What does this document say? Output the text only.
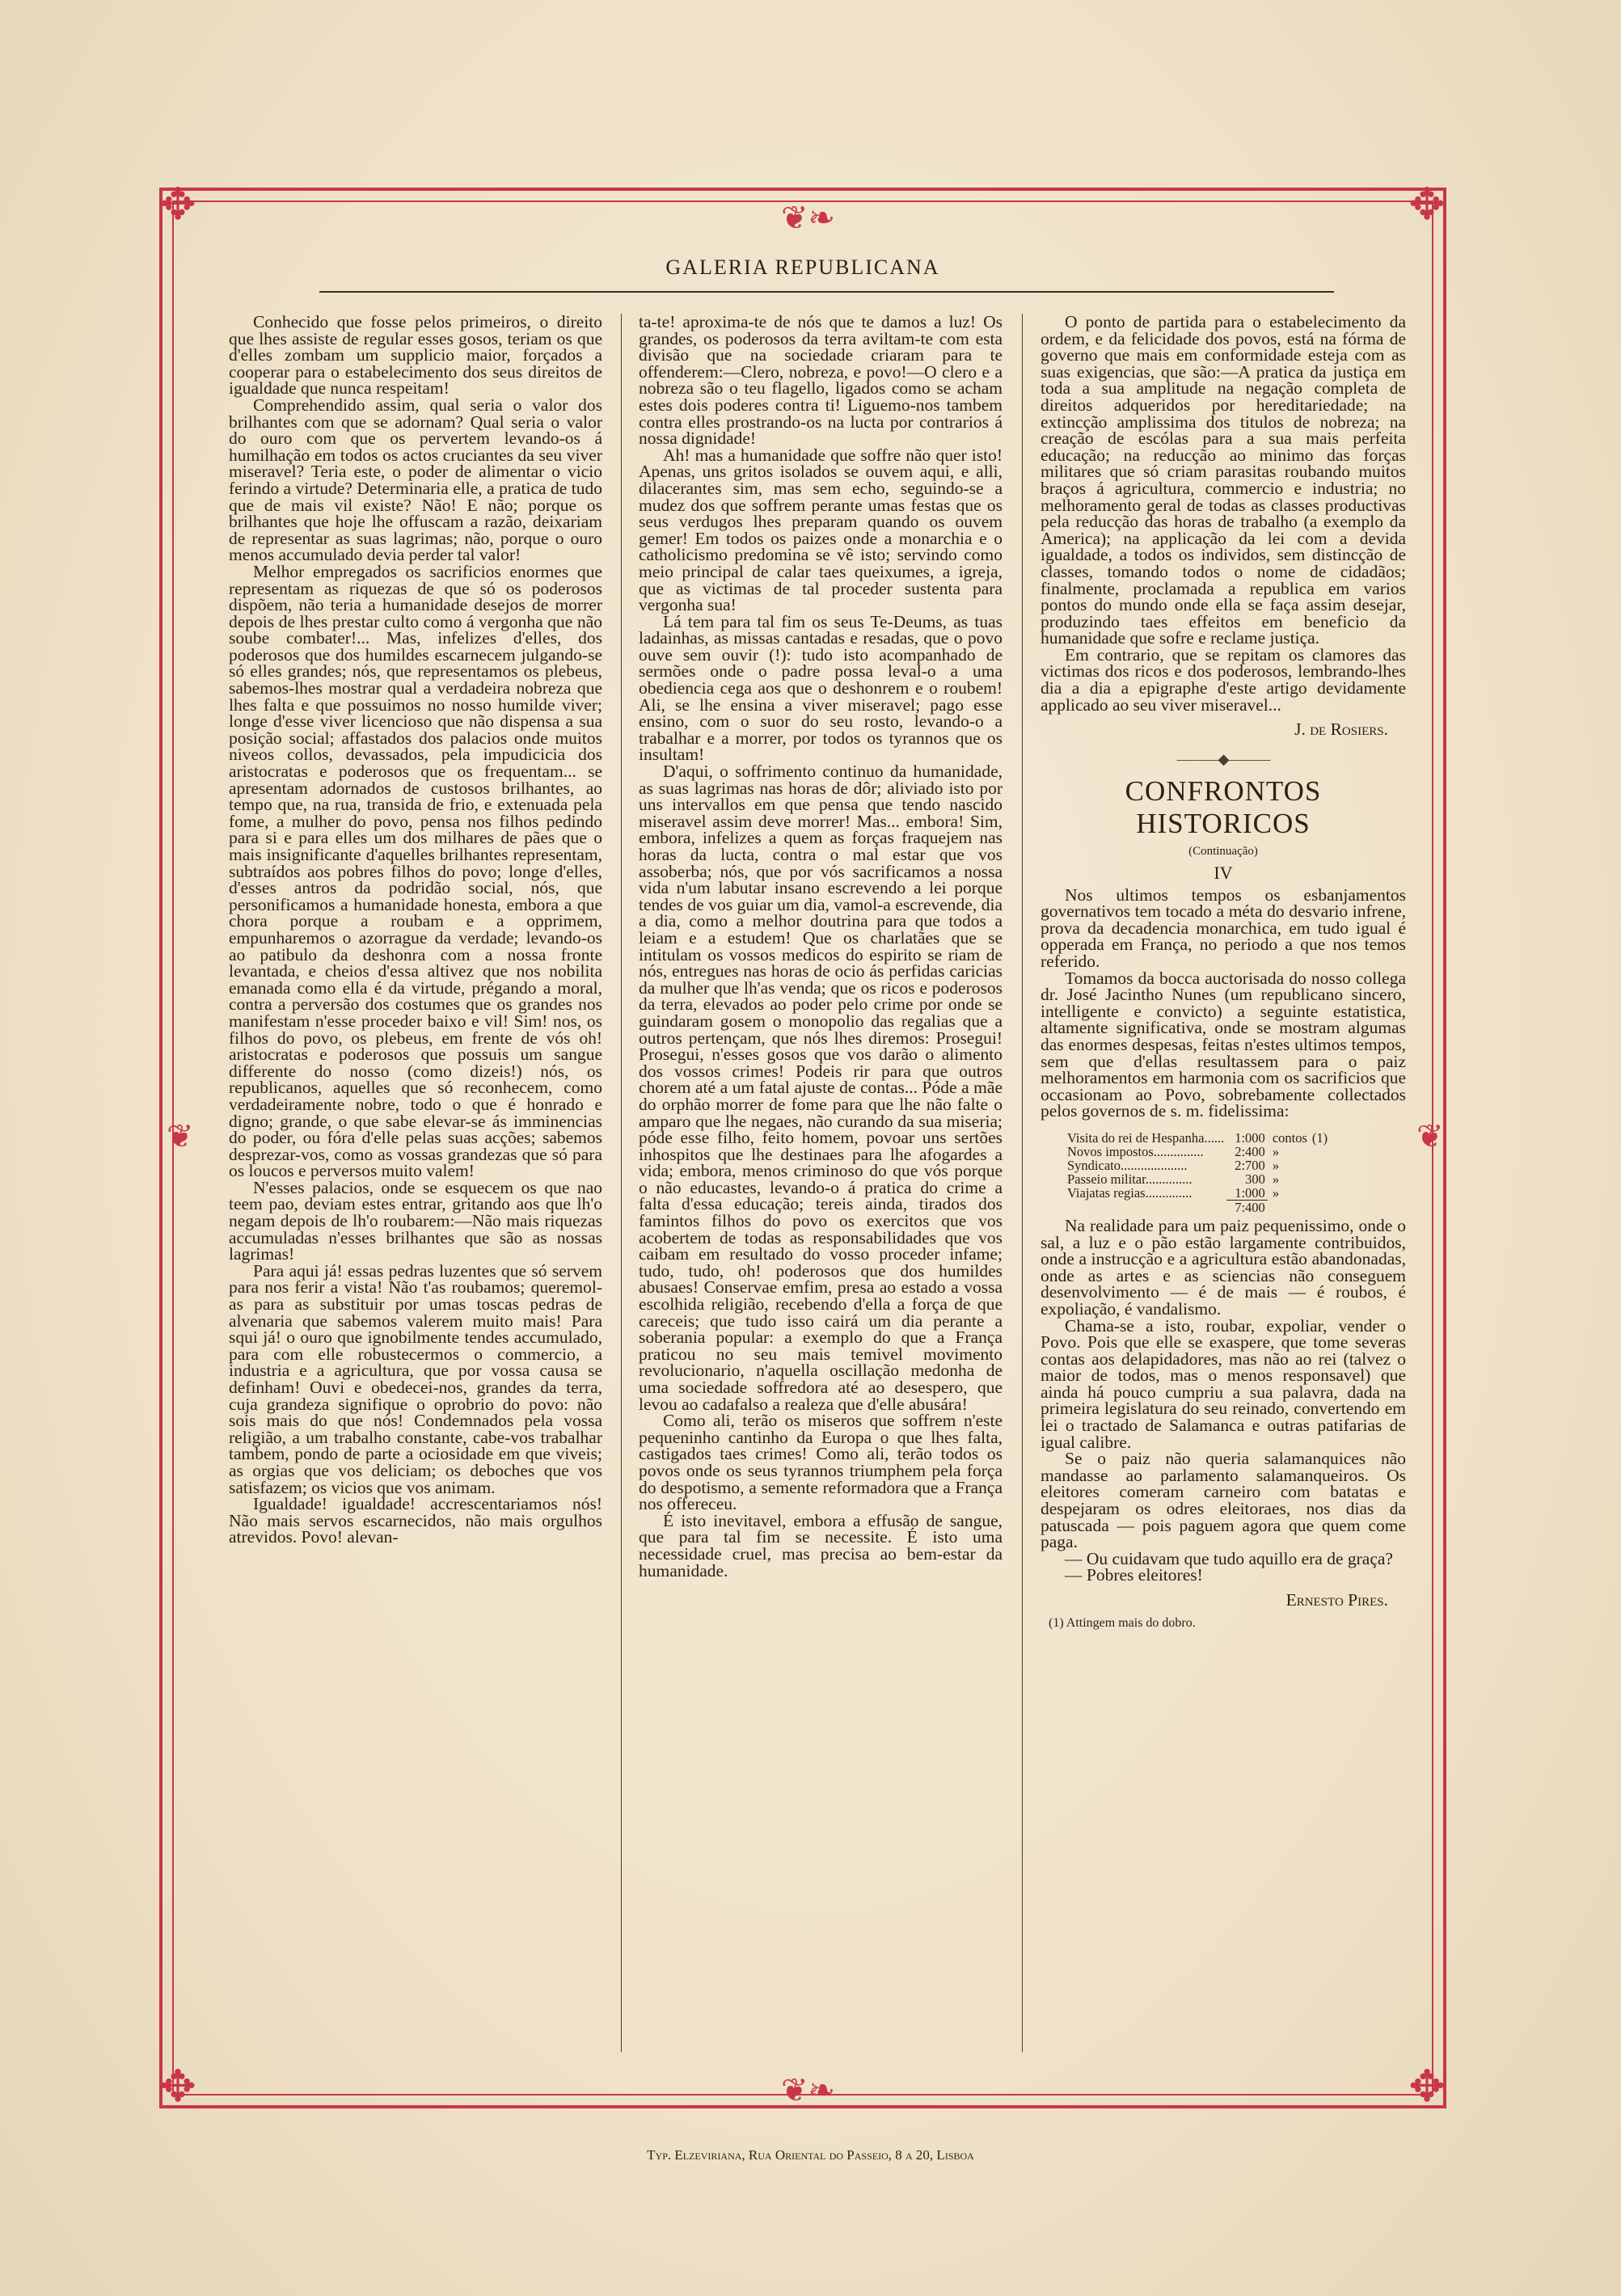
✥	✥
✥	✥
❦❧
❦❧
❦	❦
GALERIA REPUBLICANA

Conhecido que fosse pelos primeiros, o direito que lhes assiste de regular esses gosos, teriam os que d'elles zombam um supplicio maior, forçados a cooperar para o estabelecimento dos seus direitos de igualdade que nunca respeitam!

Comprehendido assim, qual seria o valor dos brilhantes com que se adornam? Qual seria o valor do ouro com que os pervertem levando-os á humilhação em todos os actos cruciantes da seu viver miseravel? Teria este, o poder de alimentar o vicio ferindo a virtude? Determinaria elle, a pratica de tudo que de mais vil existe? Não! E não; porque os brilhantes que hoje lhe offuscam a razão, deixariam de representar as suas lagrimas; não, porque o ouro menos accumulado devia perder tal valor!

Melhor empregados os sacrificios enormes que representam as riquezas de que só os poderosos dispõem, não teria a humanidade desejos de morrer depois de lhes prestar culto como á vergonha que não soube combater!... Mas, infelizes d'elles, dos poderosos que dos humildes escarnecem julgando-se só elles grandes; nós, que representamos os plebeus, sabemos-lhes mostrar qual a verdadeira nobreza que lhes falta e que possuimos no nosso humilde viver; longe d'esse viver licencioso que não dispensa a sua posição social; affastados dos palacios onde muitos niveos collos, devassados, pela impudicicia dos aristocratas e poderosos que os frequentam... se apresentam adornados de custosos brilhantes, ao tempo que, na rua, transida de frio, e extenuada pela fome, a mulher do povo, pensa nos filhos pedindo para si e para elles um dos milhares de pães que o mais insignificante d'aquelles brilhantes representam, subtraídos aos pobres filhos do povo; longe d'elles, d'esses antros da podridão social, nós, que personificamos a humanidade honesta, embora a que chora porque a roubam e a opprimem, empunharemos o azorrague da verdade; levando-os ao patibulo da deshonra com a nossa fronte levantada, e cheios d'essa altivez que nos nobilita emanada como ella é da virtude, prégando a moral, contra a perversão dos costumes que os grandes nos manifestam n'esse proceder baixo e vil! Sim! nos, os filhos do povo, os plebeus, em frente de vós oh! aristocratas e poderosos que possuis um sangue differente do nosso (como dizeis!) nós, os republicanos, aquelles que só reconhecem, como verdadeiramente nobre, todo o que é honrado e digno; grande, o que sabe elevar-se ás imminencias do poder, ou fóra d'elle pelas suas acções; sabemos desprezar-vos, como as vossas grandezas que só para os loucos e perversos muito valem!

N'esses palacios, onde se esquecem os que nao teem pao, deviam estes entrar, gritando aos que lh'o negam depois de lh'o roubarem:—Não mais riquezas accumuladas n'esses brilhantes que são as nossas lagrimas!

Para aqui já! essas pedras luzentes que só servem para nos ferir a vista! Não t'as roubamos; queremol-as para as substituir por umas toscas pedras de alvenaria que sabemos valerem muito mais! Para squi já! o ouro que ignobilmente tendes accumulado, para com elle robustecermos o commercio, a industria e a agricultura, que por vossa causa se definham! Ouvi e obedecei-nos, grandes da terra, cuja grandeza signifique o oprobrio do povo: não sois mais do que nós! Condemnados pela vossa religião, a um trabalho constante, cabe-vos trabalhar tambem, pondo de parte a ociosidade em que viveis; as orgias que vos deliciam; os deboches que vos satisfazem; os vicios que vos animam.

Igualdade! igualdade! accrescentariamos nós! Não mais servos escarnecidos, não mais orgulhos atrevidos. Povo! alevan-

ta-te! aproxima-te de nós que te damos a luz! Os grandes, os poderosos da terra aviltam-te com esta divisão que na sociedade criaram para te offenderem:—Clero, nobreza, e povo!—O clero e a nobreza são o teu flagello, ligados como se acham estes dois poderes contra ti! Liguemo-nos tambem contra elles prostrando-os na lucta por contrarios á nossa dignidade!

Ah! mas a humanidade que soffre não quer isto! Apenas, uns gritos isolados se ouvem aqui, e alli, dilacerantes sim, mas sem echo, seguindo-se a mudez dos que soffrem perante umas festas que os seus verdugos lhes preparam quando os ouvem gemer! Em todos os paizes onde a monarchia e o catholicismo predomina se vê isto; servindo como meio principal de calar taes queixumes, a igreja, que as victimas de tal proceder sustenta para vergonha sua!

Lá tem para tal fim os seus Te-Deums, as tuas ladainhas, as missas cantadas e resadas, que o povo ouve sem ouvir (!): tudo isto acompanhado de sermões onde o padre possa leval-o a uma obediencia cega aos que o deshonrem e o roubem! Ali, se lhe ensina a viver miseravel; pago esse ensino, com o suor do seu rosto, levando-o a trabalhar e a morrer, por todos os tyrannos que os insultam!

D'aqui, o soffrimento continuo da humanidade, as suas lagrimas nas horas de dôr; aliviado isto por uns intervallos em que pensa que tendo nascido miseravel assim deve morrer! Mas... embora! Sim, embora, infelizes a quem as forças fraquejem nas horas da lucta, contra o mal estar que vos assoberba; nós, que por vós sacrificamos a nossa vida n'um labutar insano escrevendo a lei porque tendes de vos guiar um dia, vamol-a escrevende, dia a dia, como a melhor doutrina para que todos a leiam e a estudem! Que os charlatães que se intitulam os vossos medicos do espirito se riam de nós, entregues nas horas de ocio ás perfidas caricias da mulher que lh'as venda; que os ricos e poderosos da terra, elevados ao poder pelo crime por onde se guindaram gosem o monopolio das regalias que a outros pertençam, que nós lhes diremos: Prosegui! Prosegui, n'esses gosos que vos darão o alimento dos vossos crimes! Podeis rir para que outros chorem até a um fatal ajuste de contas... Póde a mãe do orphão morrer de fome para que lhe não falte o amparo que lhe negaes, não curando da sua miseria; póde esse filho, feito homem, povoar uns sertões inhospitos que lhe destinaes para lhe afogardes a vida; embora, menos criminoso do que vós porque o não educastes, levando-o á pratica do crime a falta d'essa educação; tereis ainda, tirados dos famintos filhos do povo os exercitos que vos acobertem de todas as responsabilidades que vos caibam em resultado do vosso proceder infame; tudo, tudo, oh! poderosos que dos humildes abusaes! Conservae emfim, presa ao estado a vossa escolhida religião, recebendo d'ella a força de que careceis; que tudo isso cairá um dia perante a soberania popular: a exemplo do que a França praticou no seu mais temivel movimento revolucionario, n'aquella oscillação medonha de uma sociedade soffredora até ao desespero, que levou ao cadafalso a realeza que d'elle abusára!

Como ali, terão os miseros que soffrem n'este pequeninho cantinho da Europa o que lhes falta, castigados taes crimes! Como ali, terão todos os povos onde os seus tyrannos triumphem pela força do despotismo, a semente reformadora que a França nos offereceu.

É isto inevitavel, embora a effusão de sangue, que para tal fim se necessite. É isto uma necessidade cruel, mas precisa ao bem-estar da humanidade.

O ponto de partida para o estabelecimento da ordem, e da felicidade dos povos, está na fórma de governo que mais em conformidade esteja com as suas exigencias, que são:—A pratica da justiça em toda a sua amplitude na negação completa de direitos adqueridos por hereditariedade; na extincção amplissima dos titulos de nobreza; na creação de escólas para a sua mais perfeita educação; na reducção ao minimo das forças militares que só criam parasitas roubando muitos braços á agricultura, commercio e industria; no melhoramento geral de todas as classes productivas pela reducção das horas de trabalho (a exemplo da America); na applicação da lei com a devida igualdade, a todos os individos, sem distincção de classes, tomando todos o nome de cidadãos; finalmente, proclamada a republica em varios pontos do mundo onde ella se faça assim desejar, produzindo taes effeitos em beneficio da humanidade que sofre e reclame justiça.

Em contrario, que se repitam os clamores das victimas dos ricos e dos poderosos, lembrando-lhes dia a dia a epigraphe d'este artigo devidamente applicado ao seu viver miseravel...

J. de Rosiers.
———◆———
CONFRONTOS HISTORICOS
(Continuação)
IV

Nos ultimos tempos os esbanjamentos governativos tem tocado a méta do desvario infrene, prova da decadencia monarchica, em tudo igual é opperada em França, no periodo a que nos temos referido.

Tomamos da bocca auctorisada do nosso collega dr. José Jacintho Nunes (um republicano sincero, intelligente e convicto) a seguinte estatistica, altamente significativa, onde se mostram algumas das enormes despesas, feitas n'estes ultimos tempos, sem que d'ellas resultassem para o paiz melhoramentos em harmonia com os sacrificios que occasionam ao Povo, sobrebamente collectados pelos governos de s. m. fidelissima:

Visita do rei de Hespanha......	1:000	contos	(1)
Novos impostos...............	2:400	»	
Syndicato....................	2:700	»	
Passeio militar..............	300	»	
Viajatas regias..............	1:000	»	
	7:400		

Na realidade para um paiz pequenissimo, onde o sal, a luz e o pão estão largamente contribuidos, onde a instrucção e a agricultura estão abandonadas, onde as artes e as sciencias não conseguem desenvolvimento — é de mais — é roubos, é expoliação, é vandalismo.

Chama-se a isto, roubar, expoliar, vender o Povo. Pois que elle se exaspere, que tome severas contas aos delapidadores, mas não ao rei (talvez o maior de todos, mas o menos responsavel) que ainda há pouco cumpriu a sua palavra, dada na primeira legislatura do seu reinado, convertendo em lei o tractado de Salamanca e outras patifarias de igual calibre.

Se o paiz não queria salamanquices não mandasse ao parlamento salamanqueiros. Os eleitores comeram carneiro com batatas e despejaram os odres eleitoraes, nos dias da patuscada — pois paguem agora que quem come paga.

— Ou cuidavam que tudo aquillo era de graça?

— Pobres eleitores!

Ernesto Pires.
(1) Attingem mais do dobro.
Typ. Elzeviriana, Rua Oriental do Passeio, 8 a 20, Lisboa
